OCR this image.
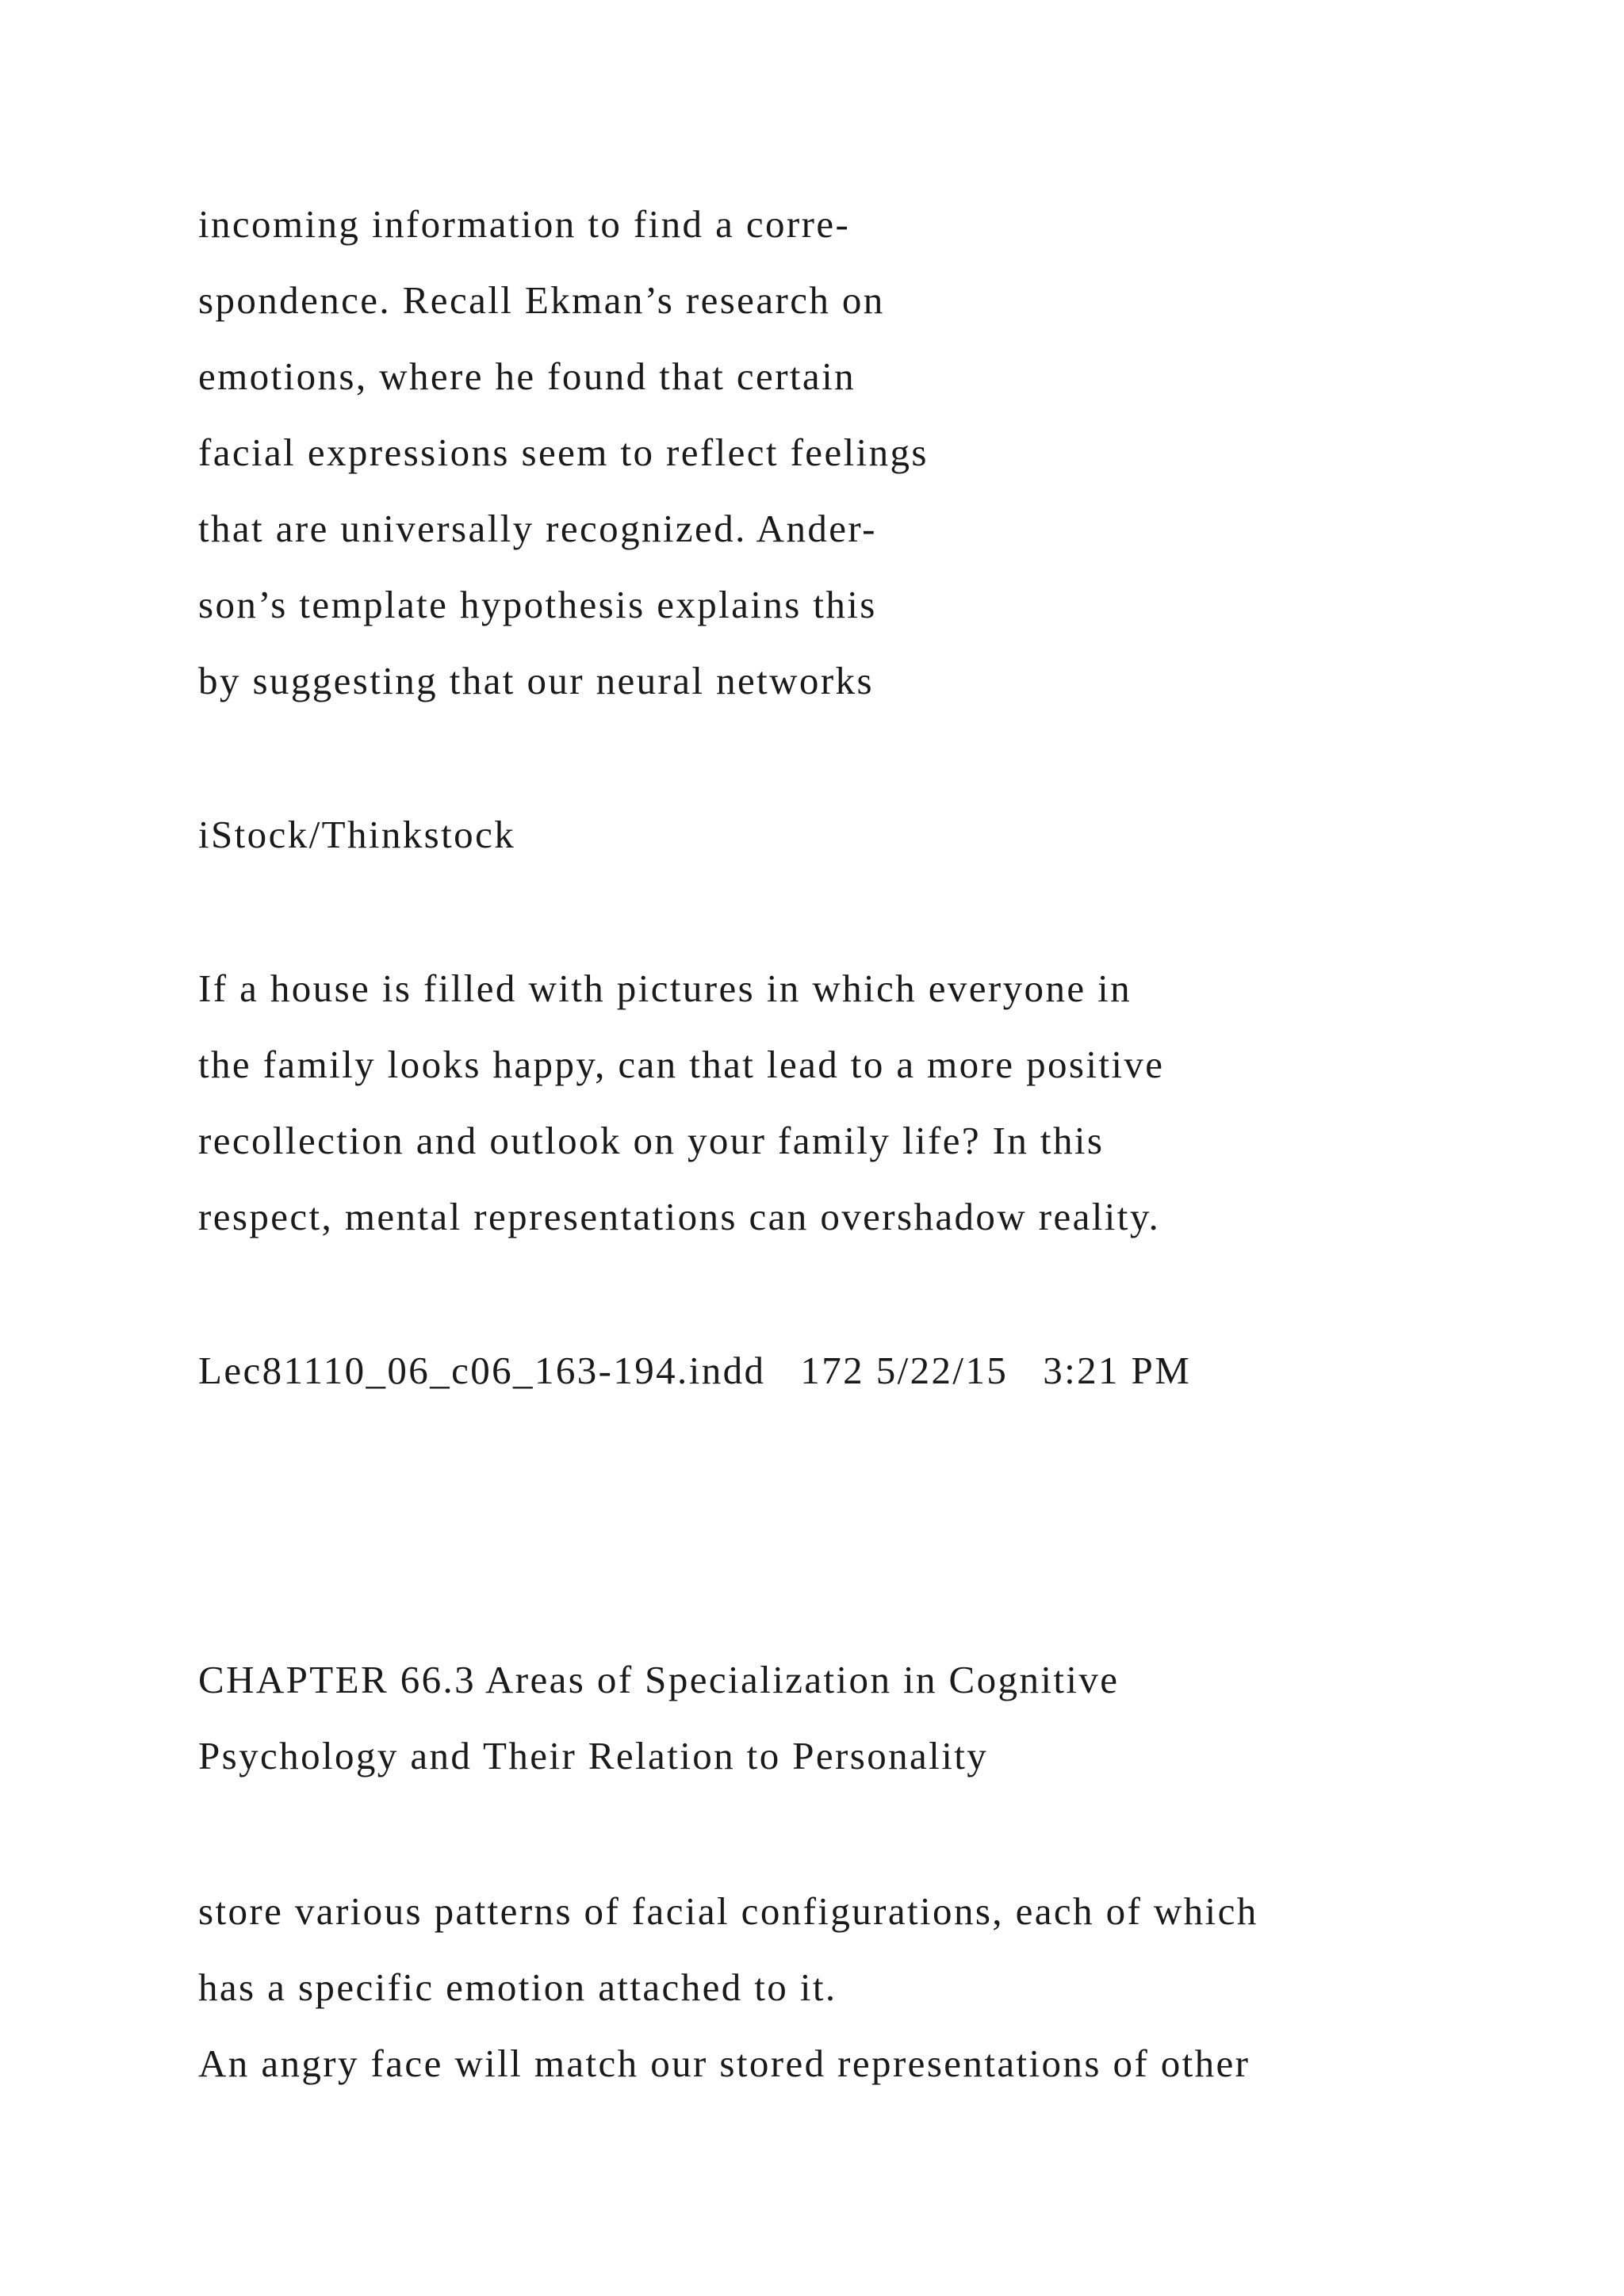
incoming information to find a corre-
spondence. Recall Ekman’s research on
emotions, where he found that certain
facial expressions seem to reflect feelings
that are universally recognized. Ander-
son’s template hypothesis explains this
by suggesting that our neural networks
iStock/Thinkstock
If a house is filled with pictures in which everyone in
the family looks happy, can that lead to a more positive
recollection and outlook on your family life? In this
respect, mental representations can overshadow reality.
Lec81110_06_c06_163-194.indd   172 5/22/15   3:21 PM
CHAPTER 66.3 Areas of Specialization in Cognitive
Psychology and Their Relation to Personality
store various patterns of facial configurations, each of which
has a specific emotion attached to it.
An angry face will match our stored representations of other
